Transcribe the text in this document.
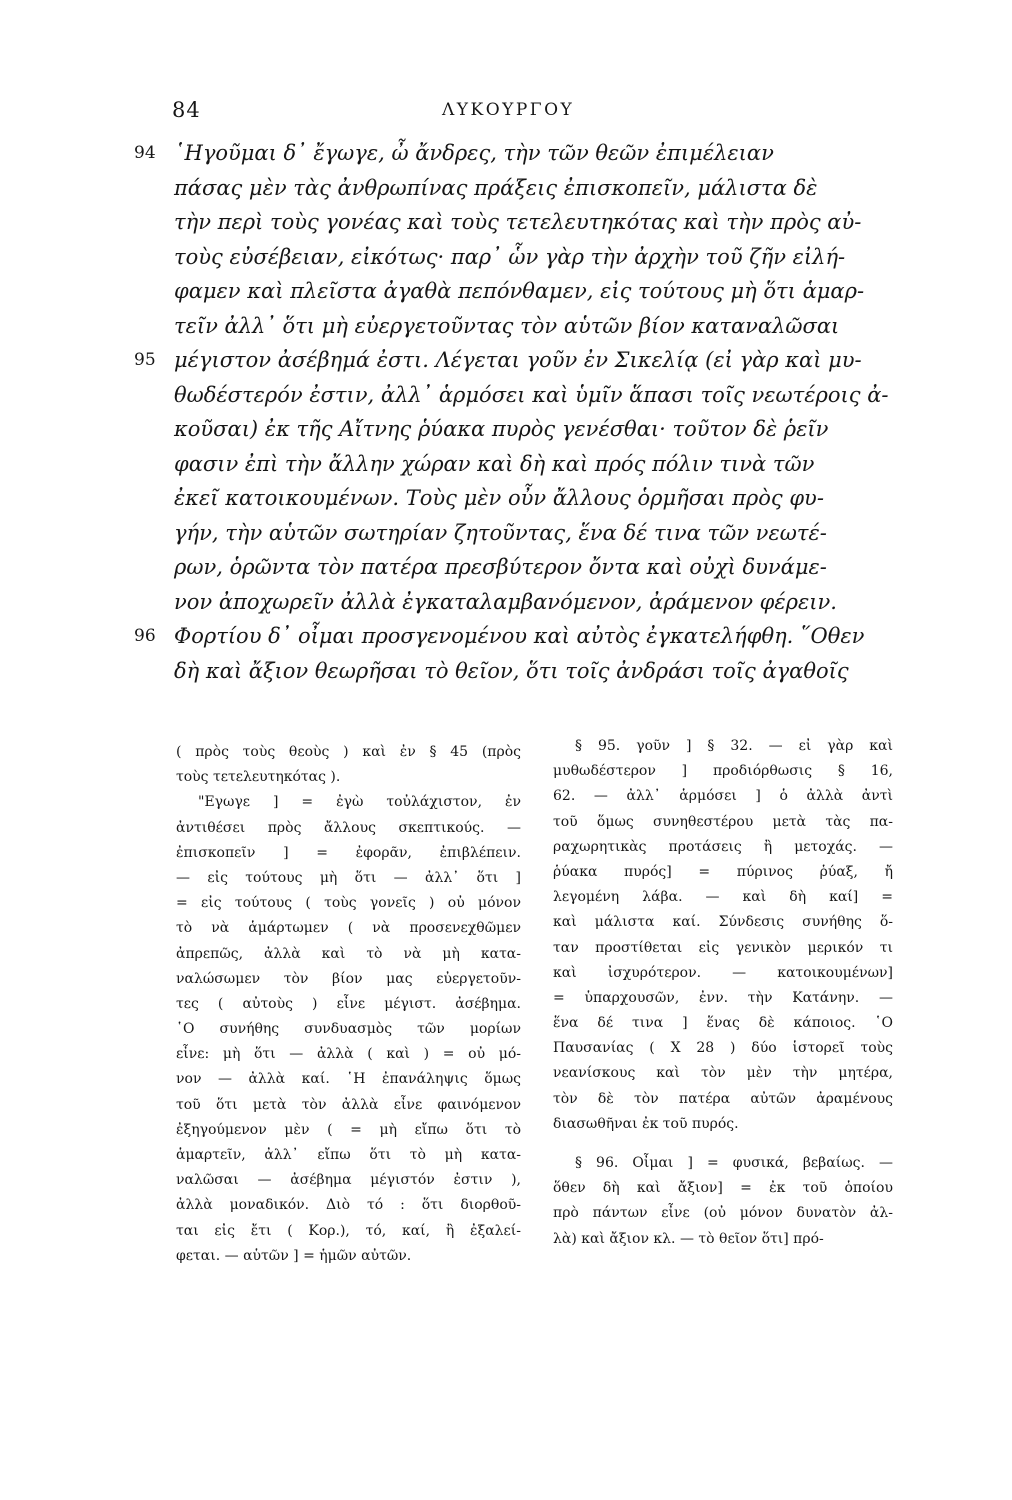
84	ΛΥΚΟΥΡΓΟΥ
94 ῾Ηγοῦμαι δ᾿ ἔγωγε, ὦ ἄνδρες, τὴν τῶν θεῶν ἐπιμέλειαν
πάσας μὲν τὰς ἀνθρωπίνας πράξεις ἐπισκοπεῖν, μάλιστα δὲ
τὴν περὶ τοὺς γονέας καὶ τοὺς τετελευτηκότας καὶ τὴν πρὸς αὐ-
τοὺς εὐσέβειαν, εἰκότως· παρ᾿ ὧν γὰρ τὴν ἀρχὴν τοῦ ζῆν εἰλή-
φαμεν καὶ πλεῖστα ἀγαθὰ πεπόνθαμεν, εἰς τούτους μὴ ὅτι ἁμαρ-
τεῖν ἀλλ᾿ ὅτι μὴ εὐεργετοῦντας τὸν αὑτῶν βίον καταναλῶσαι
95 μέγιστον ἀσέβημά ἐστι. Λέγεται γοῦν ἐν Σικελίᾳ (εἰ γὰρ καὶ μυ-
θωδέστερόν ἐστιν, ἀλλ᾿ ἁρμόσει καὶ ὑμῖν ἅπασι τοῖς νεωτέροις ἀ-
κοῦσαι) ἐκ τῆς Αἴτνης ῥύακα πυρὸς γενέσθαι· τοῦτον δὲ ῥεῖν
φασιν ἐπὶ τὴν ἄλλην χώραν καὶ δὴ καὶ πρός πόλιν τινὰ τῶν
ἐκεῖ κατοικουμένων. Τοὺς μὲν οὖν ἄλλους ὁρμῆσαι πρὸς φυ-
γήν, τὴν αὑτῶν σωτηρίαν ζητοῦντας, ἕνα δέ τινα τῶν νεωτέ-
ρων, ὁρῶντα τὸν πατέρα πρεσβύτερον ὄντα καὶ οὐχὶ δυνάμε-
νον ἀποχωρεῖν ἀλλὰ ἐγκαταλαμβανόμενον, ἀράμενον φέρειν.
96 Φορτίου δ᾿ οἶμαι προσγενομένου καὶ αὐτὸς ἐγκατελήφθη. ῞Οθεν
δὴ καὶ ἄξιον θεωρῆσαι τὸ θεῖον, ὅτι τοῖς ἀνδράσι τοῖς ἀγαθοῖς
( πρὸς τοὺς θεοὺς ) καὶ ἐν § 45 (πρὸς
τοὺς τετελευτηκότας ).
"Εγωγε ] = ἐγὼ τοὐλάχιστον, ἐν
ἀντιθέσει πρὸς ἄλλους σκεπτικούς. —
ἐπισκοπεῖν ] = ἐφορᾶν, ἐπιβλέπειν.
— εἰς τούτους μὴ ὅτι — ἀλλ᾿ ὅτι ]
= εἰς τούτους ( τοὺς γονεῖς ) οὐ μόνον
τὸ νὰ ἁμάρτωμεν ( νὰ προσενεχθῶμεν
ἀπρεπῶς, ἀλλὰ καὶ τὸ νὰ μὴ κατα-
ναλώσωμεν τὸν βίον μας εὐεργετοῦν-
τες ( αὐτοὺς ) εἶνε μέγιστ. ἀσέβημα.
῾Ο συνήθης συνδυασμὸς τῶν μορίων
εἶνε: μὴ ὅτι — ἀλλὰ ( καὶ ) = οὐ μό-
νον — ἀλλὰ καί. ῾Η ἐπανάληψις ὅμως
τοῦ ὅτι μετὰ τὸν ἀλλὰ εἶνε φαινόμενον
ἐξηγούμενον μὲν ( = μὴ εἴπω ὅτι τὸ
ἁμαρτεῖν, ἀλλ᾿ εἴπω ὅτι τὸ μὴ κατα-
ναλῶσαι — ἀσέβημα μέγιστόν ἐστιν ),
ἀλλὰ μοναδικόν. Διὸ τό : ὅτι διορθοῦ-
ται εἰς ἔτι ( Κορ.), τό, καί, ἢ ἐξαλεί-
φεται. — αὑτῶν ] = ἡμῶν αὐτῶν.
§ 95. γοῦν ] § 32. — εἰ γὰρ καὶ
μυθωδέστερον ] προδιόρθωσις § 16,
62. — ἀλλ᾿ ἁρμόσει ] ὁ ἀλλὰ ἀντὶ
τοῦ ὅμως συνηθεστέρου μετὰ τὰς πα-
ραχωρητικὰς προτάσεις ἢ μετοχάς. —
ῥύακα πυρός] = πύρινος ῥύαξ, ἤ
λεγομένη λάβα. — καὶ δὴ καί] =
καὶ μάλιστα καί. Σύνδεσις συνήθης ὅ-
ταν προστίθεται εἰς γενικὸν μερικόν τι
καὶ ἰσχυρότερον. — κατοικουμένων]
= ὑπαρχουσῶν, ἐνν. τὴν Κατάνην. —
ἕνα δέ τινα ] ἕνας δὲ κάποιος. ῾Ο
Παυσανίας ( Χ 28 ) δύο ἱστορεῖ τοὺς
νεανίσκους καὶ τὸν μὲν τὴν μητέρα,
τὸν δὲ τὸν πατέρα αὐτῶν ἀραμένους
διασωθῆναι ἐκ τοῦ πυρός.
§ 96. Οἶμαι ] = φυσικά, βεβαίως. —
ὅθεν δὴ καὶ ἄξιον] = ἐκ τοῦ ὁποίου
πρὸ πάντων εἶνε (οὐ μόνον δυνατὸν ἀλ-
λὰ) καὶ ἄξιον κλ. — τὸ θεῖον ὅτι] πρό-
